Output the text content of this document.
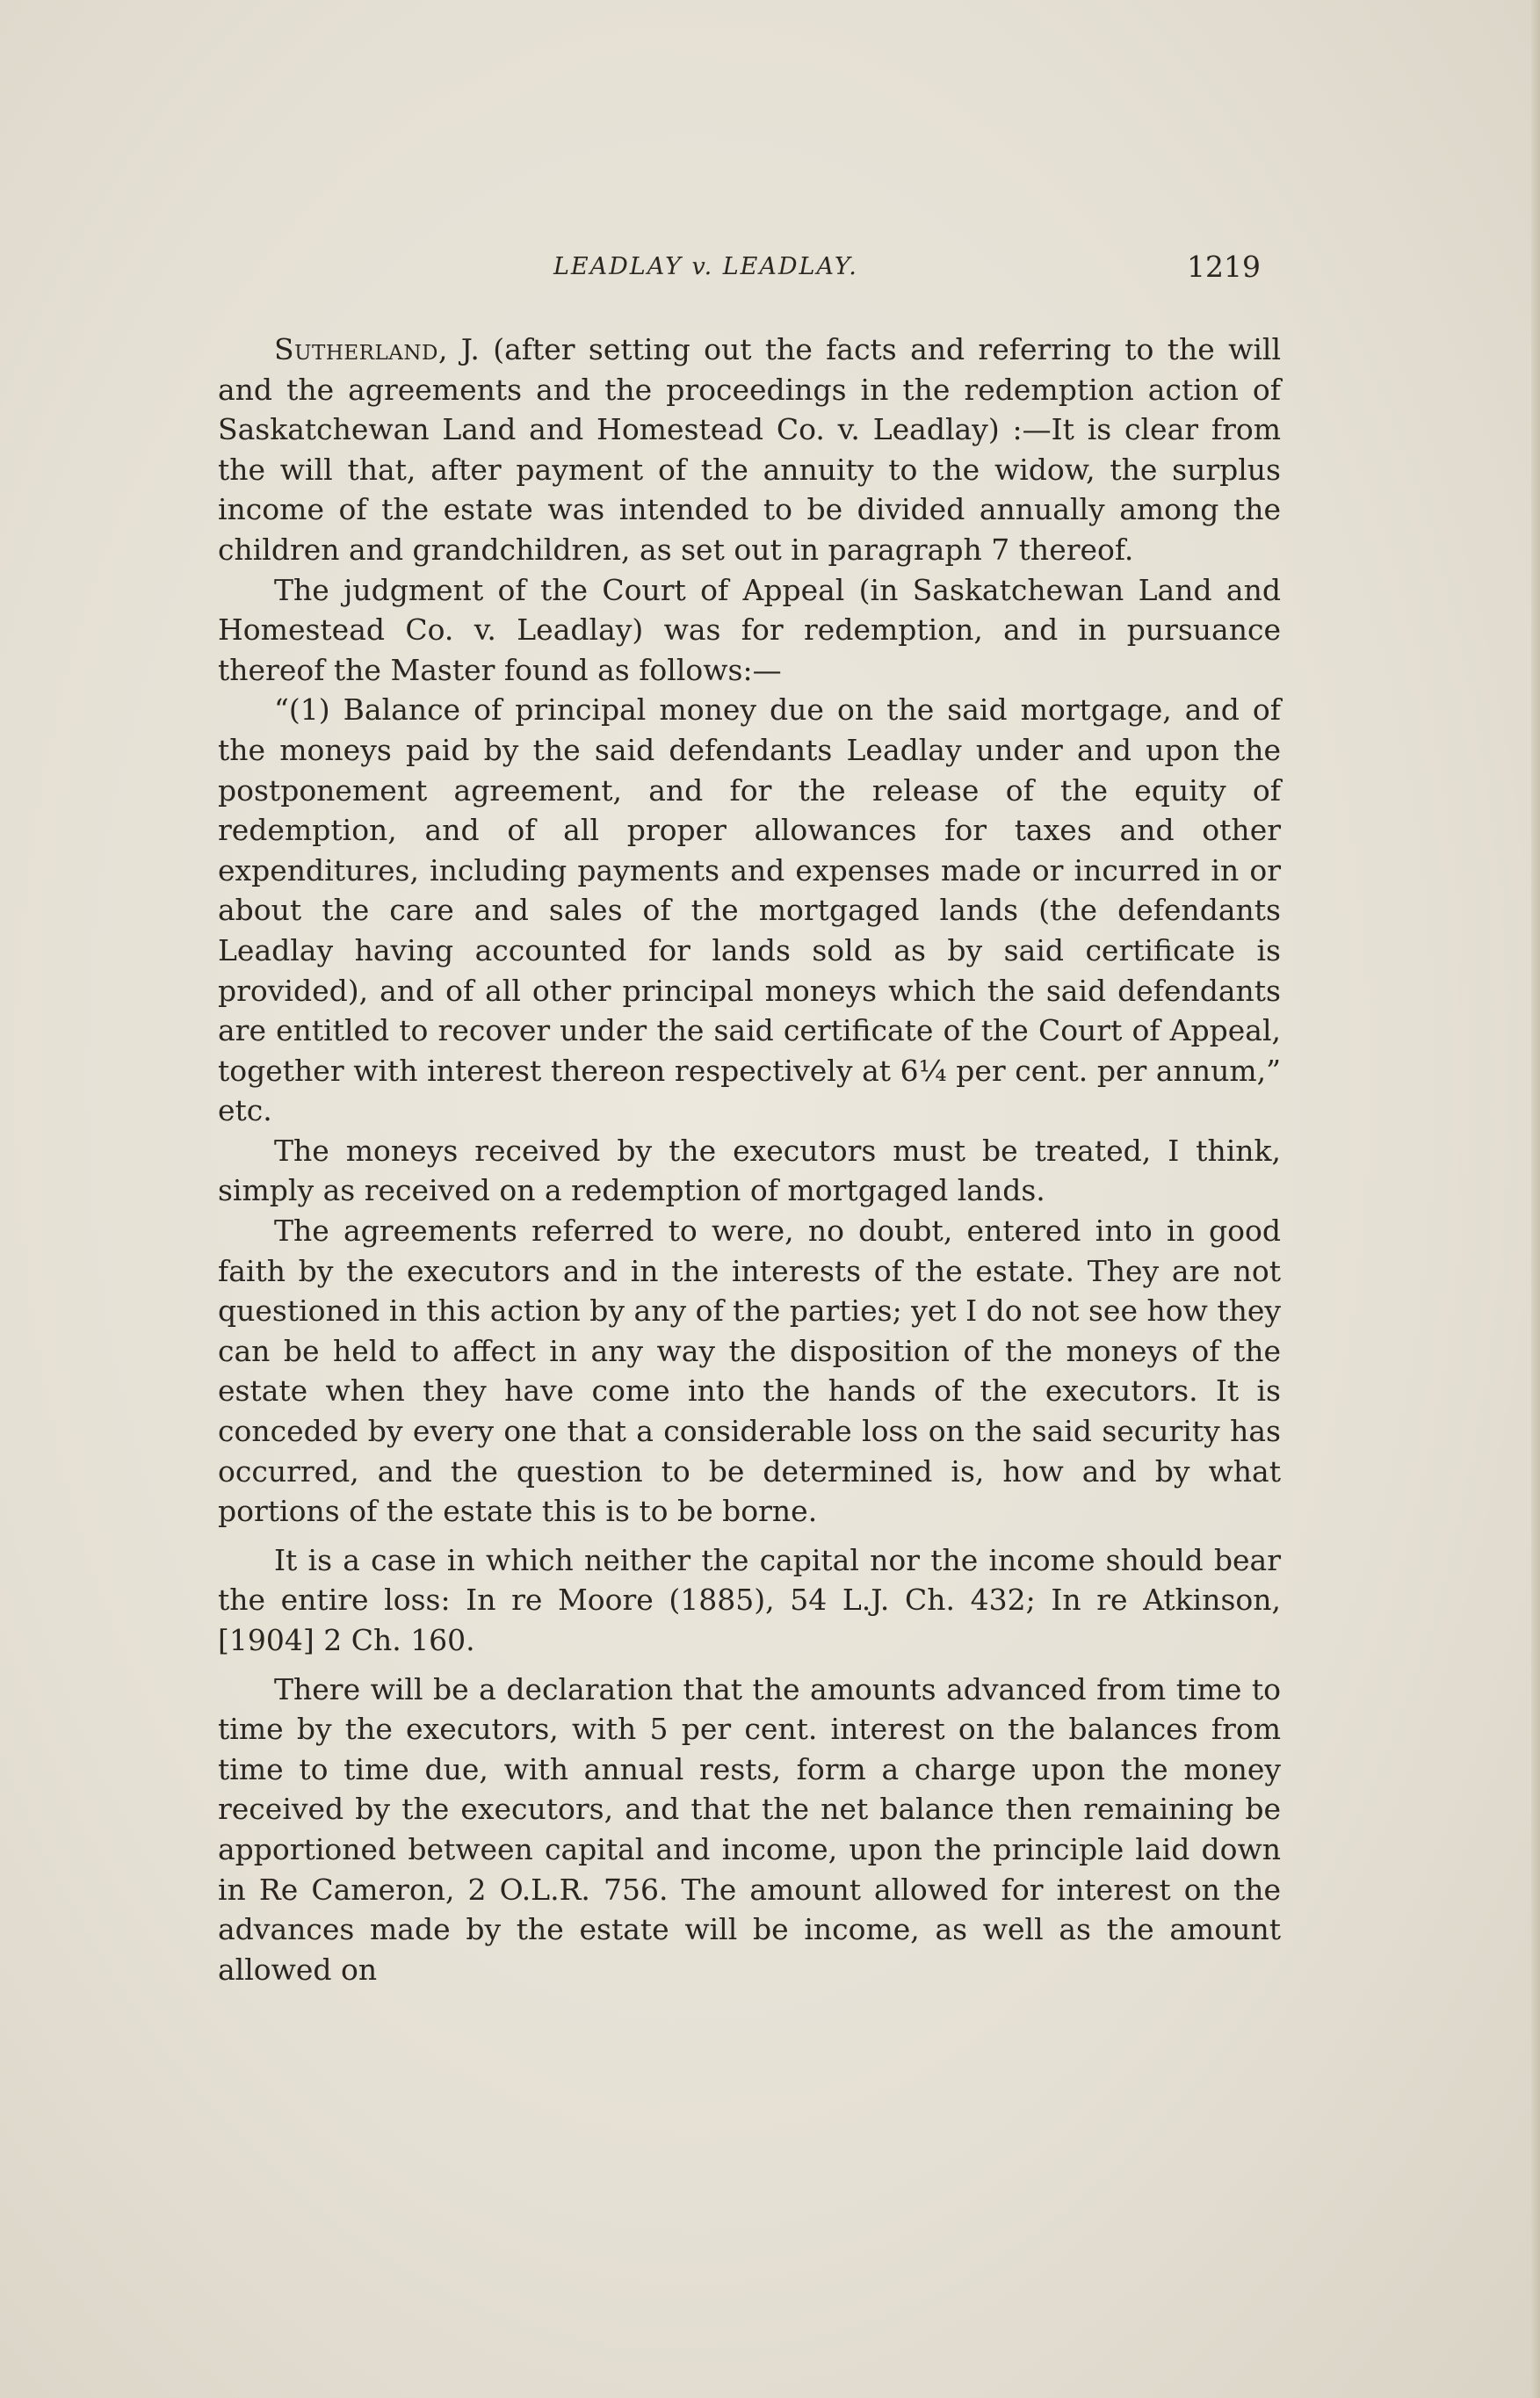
LEADLAY v. LEADLAY.	1219

Sutherland, J. (after setting out the facts and referring to the will and the agreements and the proceedings in the redemption action of Saskatchewan Land and Homestead Co. v. Leadlay) :—It is clear from the will that, after payment of the annuity to the widow, the surplus income of the estate was intended to be divided annually among the children and grandchildren, as set out in paragraph 7 thereof.

The judgment of the Court of Appeal (in Saskatchewan Land and Homestead Co. v. Leadlay) was for redemption, and in pursuance thereof the Master found as follows:—

“(1) Balance of principal money due on the said mortgage, and of the moneys paid by the said defendants Leadlay under and upon the postponement agreement, and for the release of the equity of redemption, and of all proper allowances for taxes and other expenditures, including payments and expenses made or incurred in or about the care and sales of the mortgaged lands (the defendants Leadlay having accounted for lands sold as by said certificate is provided), and of all other principal moneys which the said defendants are entitled to recover under the said certificate of the Court of Appeal, together with interest thereon respectively at 6¼ per cent. per annum,” etc.

The moneys received by the executors must be treated, I think, simply as received on a redemption of mortgaged lands.

The agreements referred to were, no doubt, entered into in good faith by the executors and in the interests of the estate. They are not questioned in this action by any of the parties; yet I do not see how they can be held to affect in any way the disposition of the moneys of the estate when they have come into the hands of the executors. It is conceded by every one that a considerable loss on the said security has occurred, and the question to be determined is, how and by what portions of the estate this is to be borne.

It is a case in which neither the capital nor the income should bear the entire loss: In re Moore (1885), 54 L.J. Ch. 432; In re Atkinson, [1904] 2 Ch. 160.

There will be a declaration that the amounts advanced from time to time by the executors, with 5 per cent. interest on the balances from time to time due, with annual rests, form a charge upon the money received by the executors, and that the net balance then remaining be apportioned between capital and income, upon the principle laid down in Re Cameron, 2 O.L.R. 756. The amount allowed for interest on the advances made by the estate will be income, as well as the amount allowed on
